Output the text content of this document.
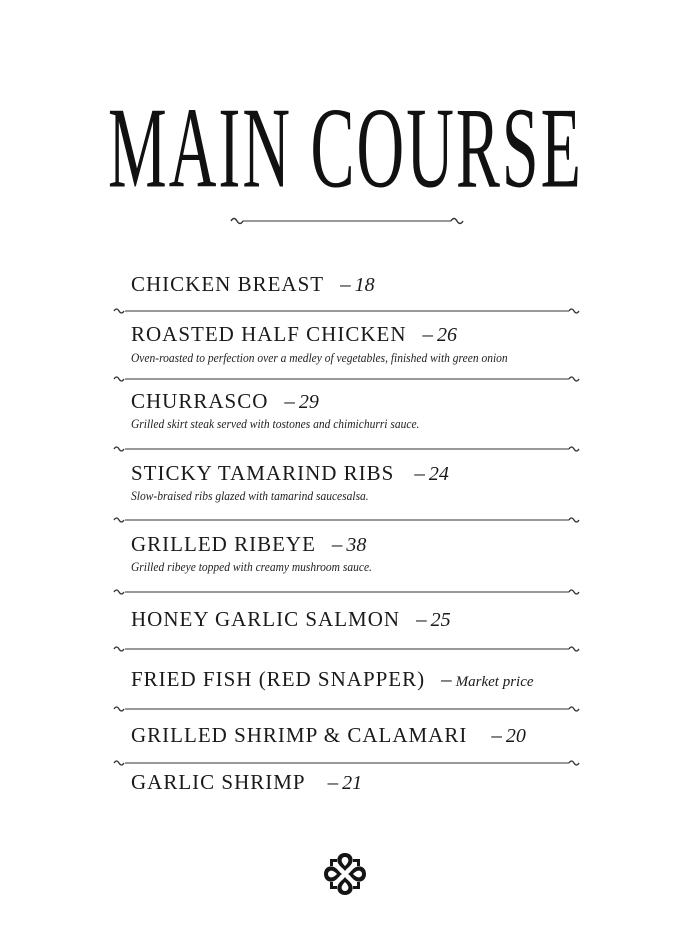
MAIN COURSE
CHICKEN BREAST – 18
ROASTED HALF CHICKEN – 26
Oven-roasted to perfection over a medley of vegetables, finished with green onion
CHURRASCO – 29
Grilled skirt steak served with tostones and chimichurri sauce.
STICKY TAMARIND RIBS – 24
Slow-braised ribs glazed with tamarind saucesalsa.
GRILLED RIBEYE – 38
Grilled ribeye topped with creamy mushroom sauce.
HONEY GARLIC SALMON – 25
FRIED FISH (RED SNAPPER) – Market price
GRILLED SHRIMP & CALAMARI – 20
GARLIC SHRIMP – 21
